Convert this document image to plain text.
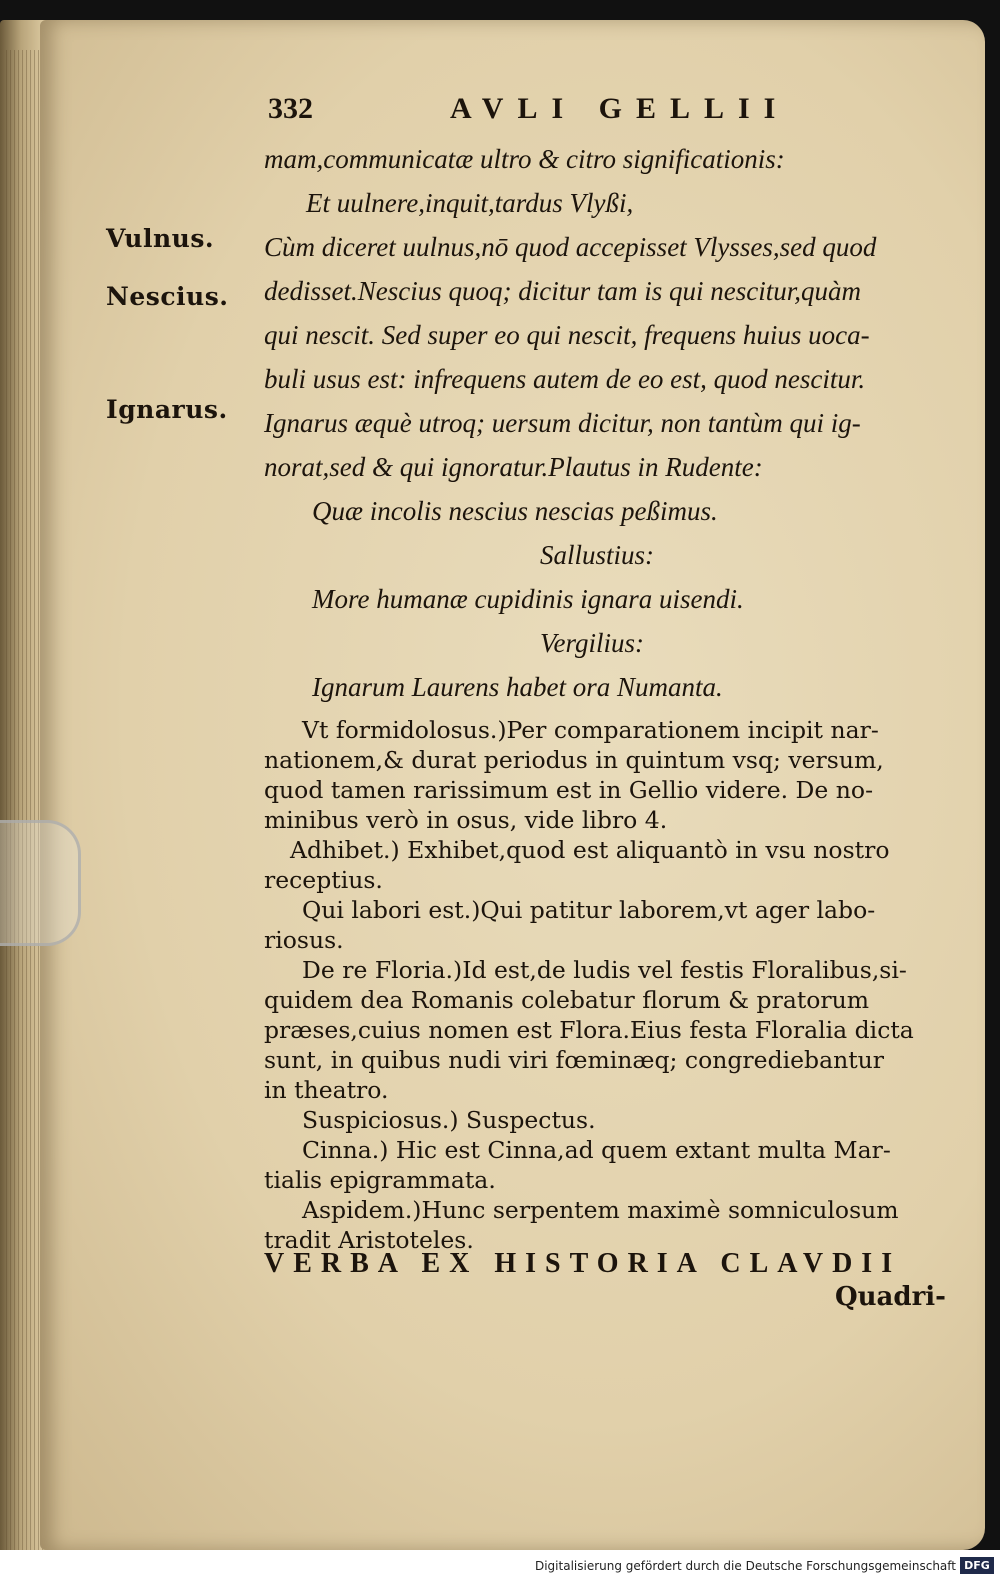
332	AVLI GELLII
Vulnus.
Nescius.
Ignarus.
mam,communicatæ ultro & citro significationis:
Et uulnere,inquit,tardus Vlyßi,
Cùm diceret uulnus,nō quod accepisset Vlysses,sed quod
dedisset.Nescius quoq; dicitur tam is qui nescitur,quàm
qui nescit. Sed super eo qui nescit, frequens huius uoca-
buli usus est: infrequens autem de eo est, quod nescitur.
Ignarus æquè utroq; uersum dicitur, non tantùm qui ig-
norat,sed & qui ignoratur.Plautus in Rudente:
Quæ incolis nescius nescias peßimus.
Sallustius:
More humanæ cupidinis ignara uisendi.
Vergilius:
Ignarum Laurens habet ora Numanta.
Vt formidolosus.)Per comparationem incipit nar-
nationem,& durat periodus in quintum vsq; versum,
quod tamen rarissimum est in Gellio videre. De no-
minibus verò in osus, vide libro 4.
Adhibet.) Exhibet,quod est aliquantò in vsu nostro
receptius.
Qui labori est.)Qui patitur laborem,vt ager labo-
riosus.
De re Floria.)Id est,de ludis vel festis Floralibus,si-
quidem dea Romanis colebatur florum & pratorum
præses,cuius nomen est Flora.Eius festa Floralia dicta
sunt, in quibus nudi viri fœminæq; congrediebantur
in theatro.
Suspiciosus.) Suspectus.
Cinna.) Hic est Cinna,ad quem extant multa Mar-
tialis epigrammata.
Aspidem.)Hunc serpentem maximè somniculosum
tradit Aristoteles.
VERBA EX HISTORIA CLAVDII
Quadri-
Digitalisierung gefördert durch die Deutsche Forschungsgemeinschaft DFG
